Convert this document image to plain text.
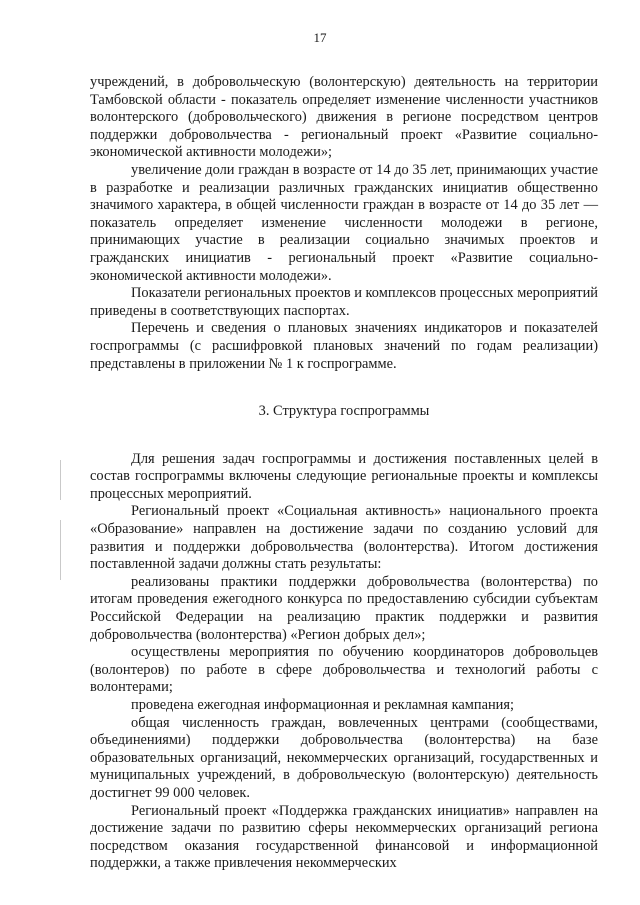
17

учреждений, в добровольческую (волонтерскую) деятельность на территории Тамбовской области - показатель определяет изменение численности участников волонтерского (добровольческого) движения в регионе посредством центров поддержки добровольчества - региональный проект «Развитие социально-экономической активности молодежи»;

увеличение доли граждан в возрасте от 14 до 35 лет, принимающих участие в разработке и реализации различных гражданских инициатив общественно значимого характера, в общей численности граждан в возрасте от 14 до 35 лет — показатель определяет изменение численности молодежи в регионе, принимающих участие в реализации социально значимых проектов и гражданских инициатив - региональный проект «Развитие социально-экономической активности молодежи».

Показатели региональных проектов и комплексов процессных мероприятий приведены в соответствующих паспортах.

Перечень и сведения о плановых значениях индикаторов и показателей госпрограммы (с расшифровкой плановых значений по годам реализации) представлены в приложении № 1 к госпрограмме.

3. Структура госпрограммы

Для решения задач госпрограммы и достижения поставленных целей в состав госпрограммы включены следующие региональные проекты и комплексы процессных мероприятий.

Региональный проект «Социальная активность» национального проекта «Образование» направлен на достижение задачи по созданию условий для развития и поддержки добровольчества (волонтерства). Итогом достижения поставленной задачи должны стать результаты:

реализованы практики поддержки добровольчества (волонтерства) по итогам проведения ежегодного конкурса по предоставлению субсидии субъектам Российской Федерации на реализацию практик поддержки и развития добровольчества (волонтерства) «Регион добрых дел»;

осуществлены мероприятия по обучению координаторов добровольцев (волонтеров) по работе в сфере добровольчества и технологий работы с волонтерами;

проведена ежегодная информационная и рекламная кампания;

общая численность граждан, вовлеченных центрами (сообществами, объединениями) поддержки добровольчества (волонтерства) на базе образовательных организаций, некоммерческих организаций, государственных и муниципальных учреждений, в добровольческую (волонтерскую) деятельность достигнет 99 000 человек.

Региональный проект «Поддержка гражданских инициатив» направлен на достижение задачи по развитию сферы некоммерческих организаций региона посредством оказания государственной финансовой и информационной поддержки, а также привлечения некоммерческих
